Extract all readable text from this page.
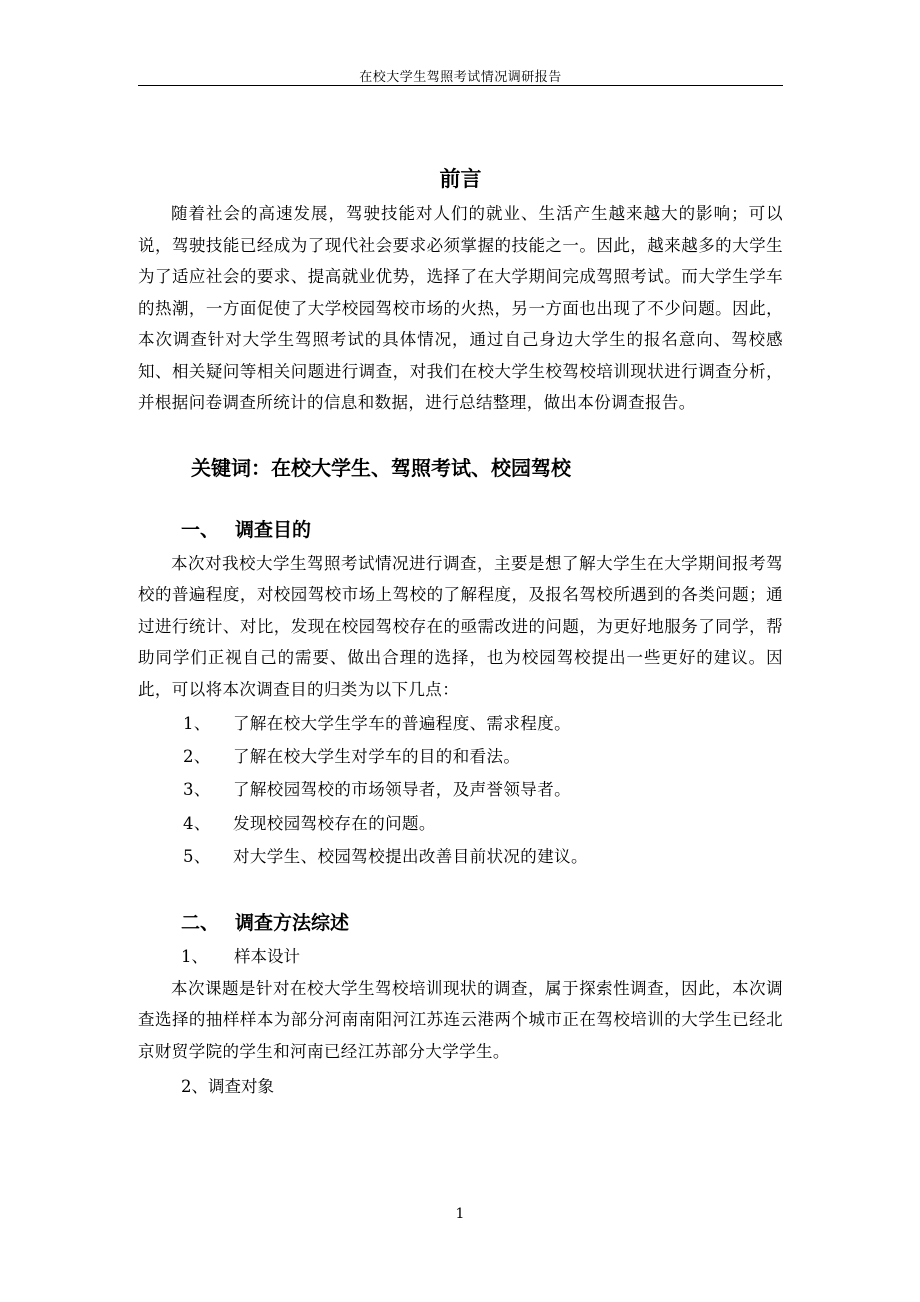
在校大学生驾照考试情况调研报告
前言

随着社会的高速发展，驾驶技能对人们的就业、生活产生越来越大的影响；可以说，驾驶技能已经成为了现代社会要求必须掌握的技能之一。因此，越来越多的大学生为了适应社会的要求、提高就业优势，选择了在大学期间完成驾照考试。而大学生学车的热潮，一方面促使了大学校园驾校市场的火热，另一方面也出现了不少问题。因此，本次调查针对大学生驾照考试的具体情况，通过自己身边大学生的报名意向、驾校感知、相关疑问等相关问题进行调查，对我们在校大学生校驾校培训现状进行调查分析，并根据问卷调查所统计的信息和数据，进行总结整理，做出本份调查报告。

关键词：在校大学生、驾照考试、校园驾校
一、 调查目的

本次对我校大学生驾照考试情况进行调查，主要是想了解大学生在大学期间报考驾校的普遍程度，对校园驾校市场上驾校的了解程度，及报名驾校所遇到的各类问题；通过进行统计、对比，发现在校园驾校存在的亟需改进的问题，为更好地服务了同学，帮助同学们正视自己的需要、做出合理的选择，也为校园驾校提出一些更好的建议。因此，可以将本次调查目的归类为以下几点：

1、 了解在校大学生学车的普遍程度、需求程度。

2、 了解在校大学生对学车的目的和看法。

3、 了解校园驾校的市场领导者，及声誉领导者。

4、 发现校园驾校存在的问题。

5、 对大学生、校园驾校提出改善目前状况的建议。

二、 调查方法综述

1、 样本设计

本次课题是针对在校大学生驾校培训现状的调查，属于探索性调查，因此，本次调查选择的抽样样本为部分河南南阳河江苏连云港两个城市正在驾校培训的大学生已经北京财贸学院的学生和河南已经江苏部分大学学生。

2、调查对象

1
